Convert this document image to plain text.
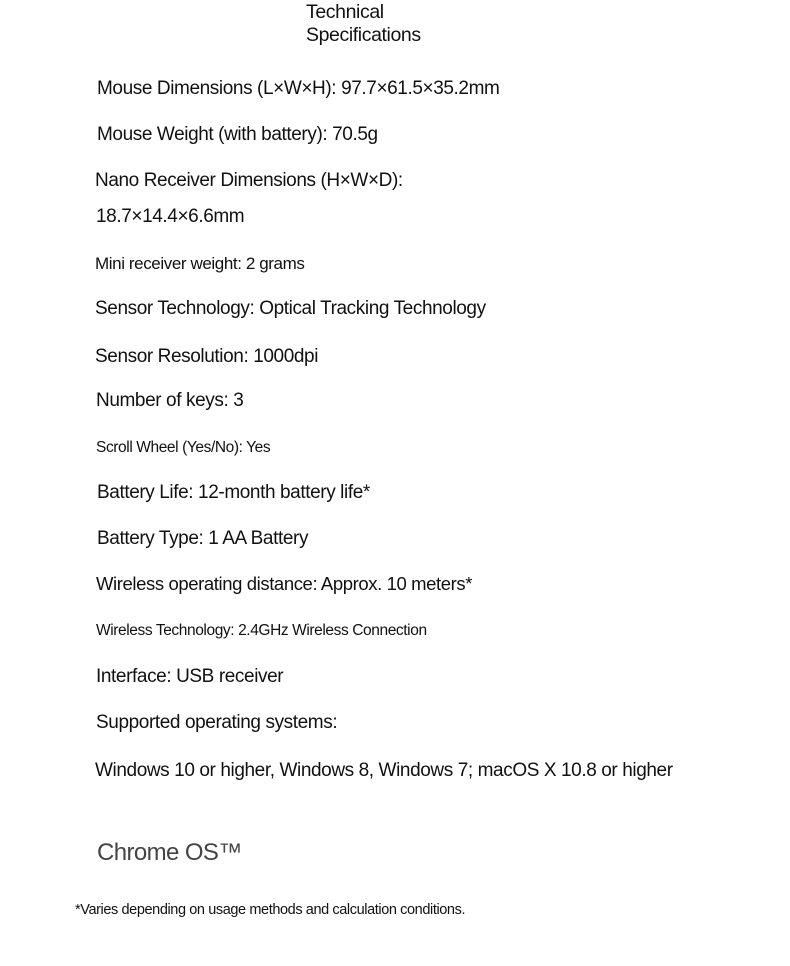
Technical
Specifications
Mouse Dimensions (L×W×H): 97.7×61.5×35.2mm
Mouse Weight (with battery): 70.5g
Nano Receiver Dimensions (H×W×D):
18.7×14.4×6.6mm
Mini receiver weight: 2 grams
Sensor Technology: Optical Tracking Technology
Sensor Resolution: 1000dpi
Number of keys: 3
Scroll Wheel (Yes/No): Yes
Battery Life: 12-month battery life*
Battery Type: 1 AA Battery
Wireless operating distance: Approx. 10 meters*
Wireless Technology: 2.4GHz Wireless Connection
Interface: USB receiver
Supported operating systems:
Windows 10 or higher, Windows 8, Windows 7; macOS X 10.8 or higher
Chrome OS™
*Varies depending on usage methods and calculation conditions.
